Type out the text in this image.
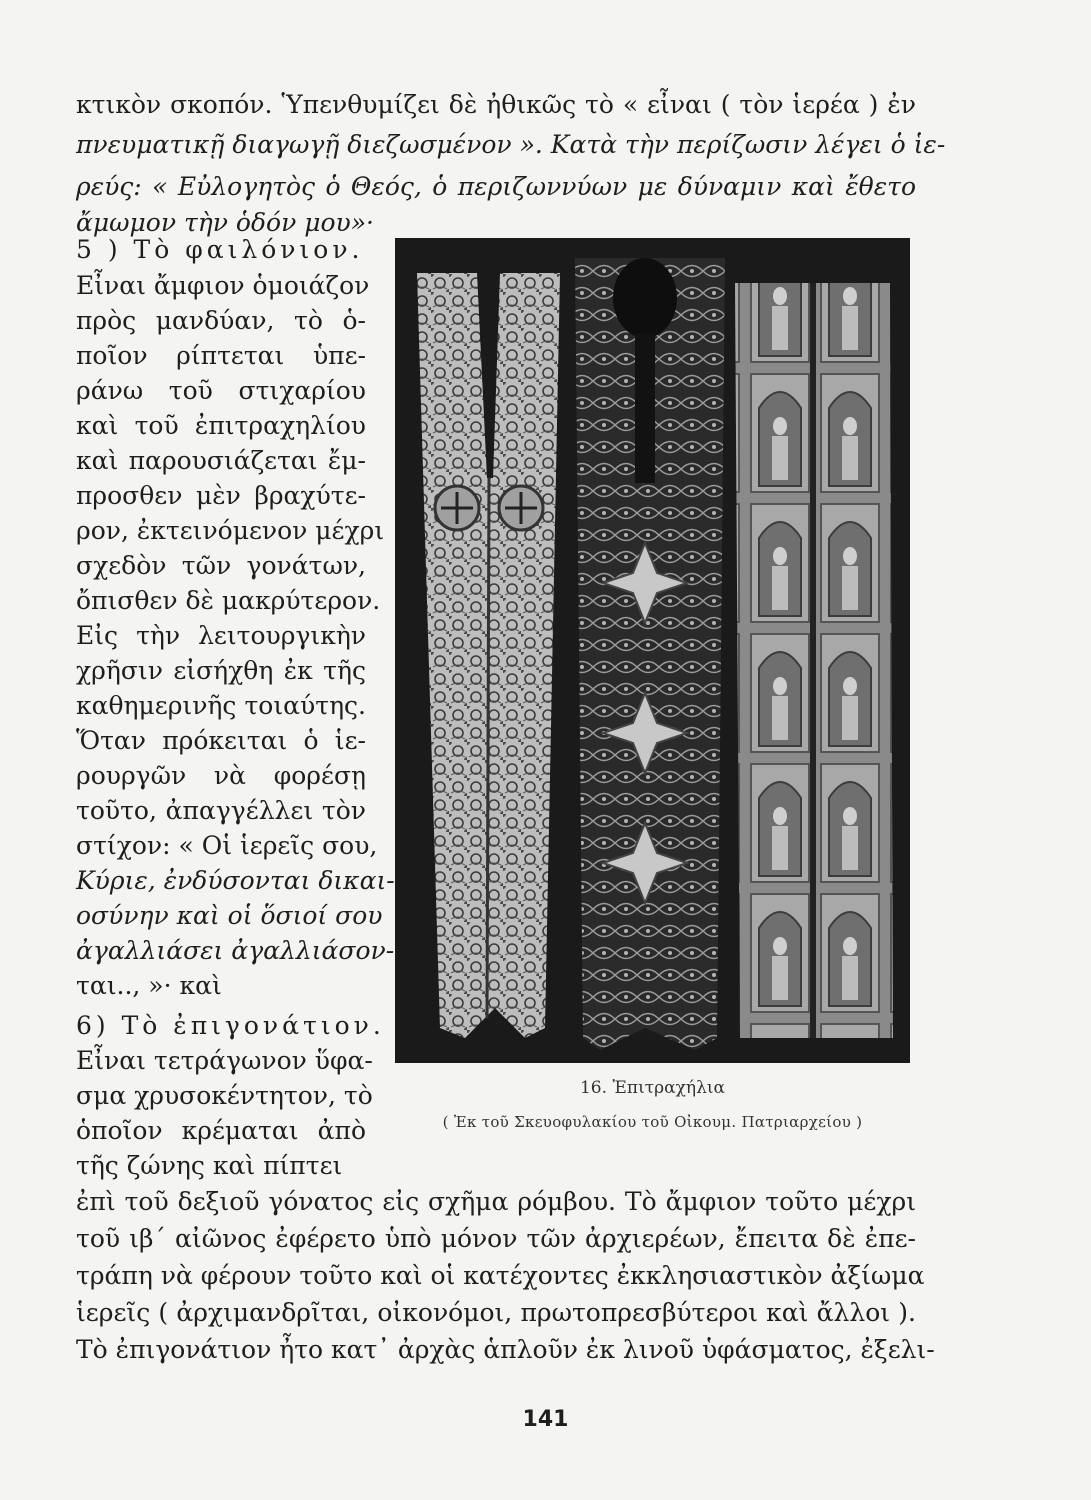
κτικὸν σκοπόν. Ὑπενθυμίζει δὲ ἠθικῶς τὸ « εἶναι ( τὸν ἱερέα ) ἐν
πνευματικῇ διαγωγῇ διεζωσμένον ». Κατὰ τὴν περίζωσιν λέγει ὁ ἱε-
ρεύς: « Εὐλογητὸς ὁ Θεός, ὁ περιζωννύων με δύναμιν καὶ ἔθετο
ἄμωμον τὴν ὁδόν μου»·
5 ) Τὸ φαιλόνιον.
Εἶναι ἄμφιον ὁμοιάζον
πρὸς μανδύαν, τὸ ὁ-
ποῖον ρίπτεται ὑπε-
ράνω τοῦ στιχαρίου
καὶ τοῦ ἐπιτραχηλίου
καὶ παρουσιάζεται ἔμ-
προσθεν μὲν βραχύτε-
ρον, ἐκτεινόμενον μέχρι
σχεδὸν τῶν γονάτων,
ὄπισθεν δὲ μακρύτερον.
Εἰς τὴν λειτουργικὴν
χρῆσιν εἰσήχθη ἐκ τῆς
καθημερινῆς τοιαύτης.
Ὅταν πρόκειται ὁ ἱε-
ρουργῶν νὰ φορέσῃ
τοῦτο, ἀπαγγέλλει τὸν
στίχον: « Οἱ ἱερεῖς σου,
Κύριε, ἐνδύσονται δικαι-
οσύνην καὶ οἱ ὅσιοί σου
ἀγαλλιάσει ἀγαλλιάσον-
ται.., »· καὶ
6) Τὸ ἐπιγονάτιον.
Εἶναι τετράγωνον ὕφα-
σμα χρυσοκέντητον, τὸ
ὁποῖον κρέμαται ἀπὸ
τῆς ζώνης καὶ πίπτει
ἐπὶ τοῦ δεξιοῦ γόνατος εἰς σχῆμα ρόμβου. Τὸ ἄμφιον τοῦτο μέχρι
τοῦ ιβ΄ αἰῶνος ἐφέρετο ὑπὸ μόνον τῶν ἀρχιερέων, ἔπειτα δὲ ἐπε-
τράπη νὰ φέρουν τοῦτο καὶ οἱ κατέχοντες ἐκκλησιαστικὸν ἀξίωμα
ἱερεῖς ( ἀρχιμανδρῖται, οἰκονόμοι, πρωτοπρεσβύτεροι καὶ ἄλλοι ).
Τὸ ἐπιγονάτιον ἦτο κατ᾽ ἀρχὰς ἁπλοῦν ἐκ λινοῦ ὑφάσματος, ἐξελι-
16. Ἐπιτραχήλια
( Ἐκ τοῦ Σκευοφυλακίου τοῦ Οἰκουμ. Πατριαρχείου )
141
